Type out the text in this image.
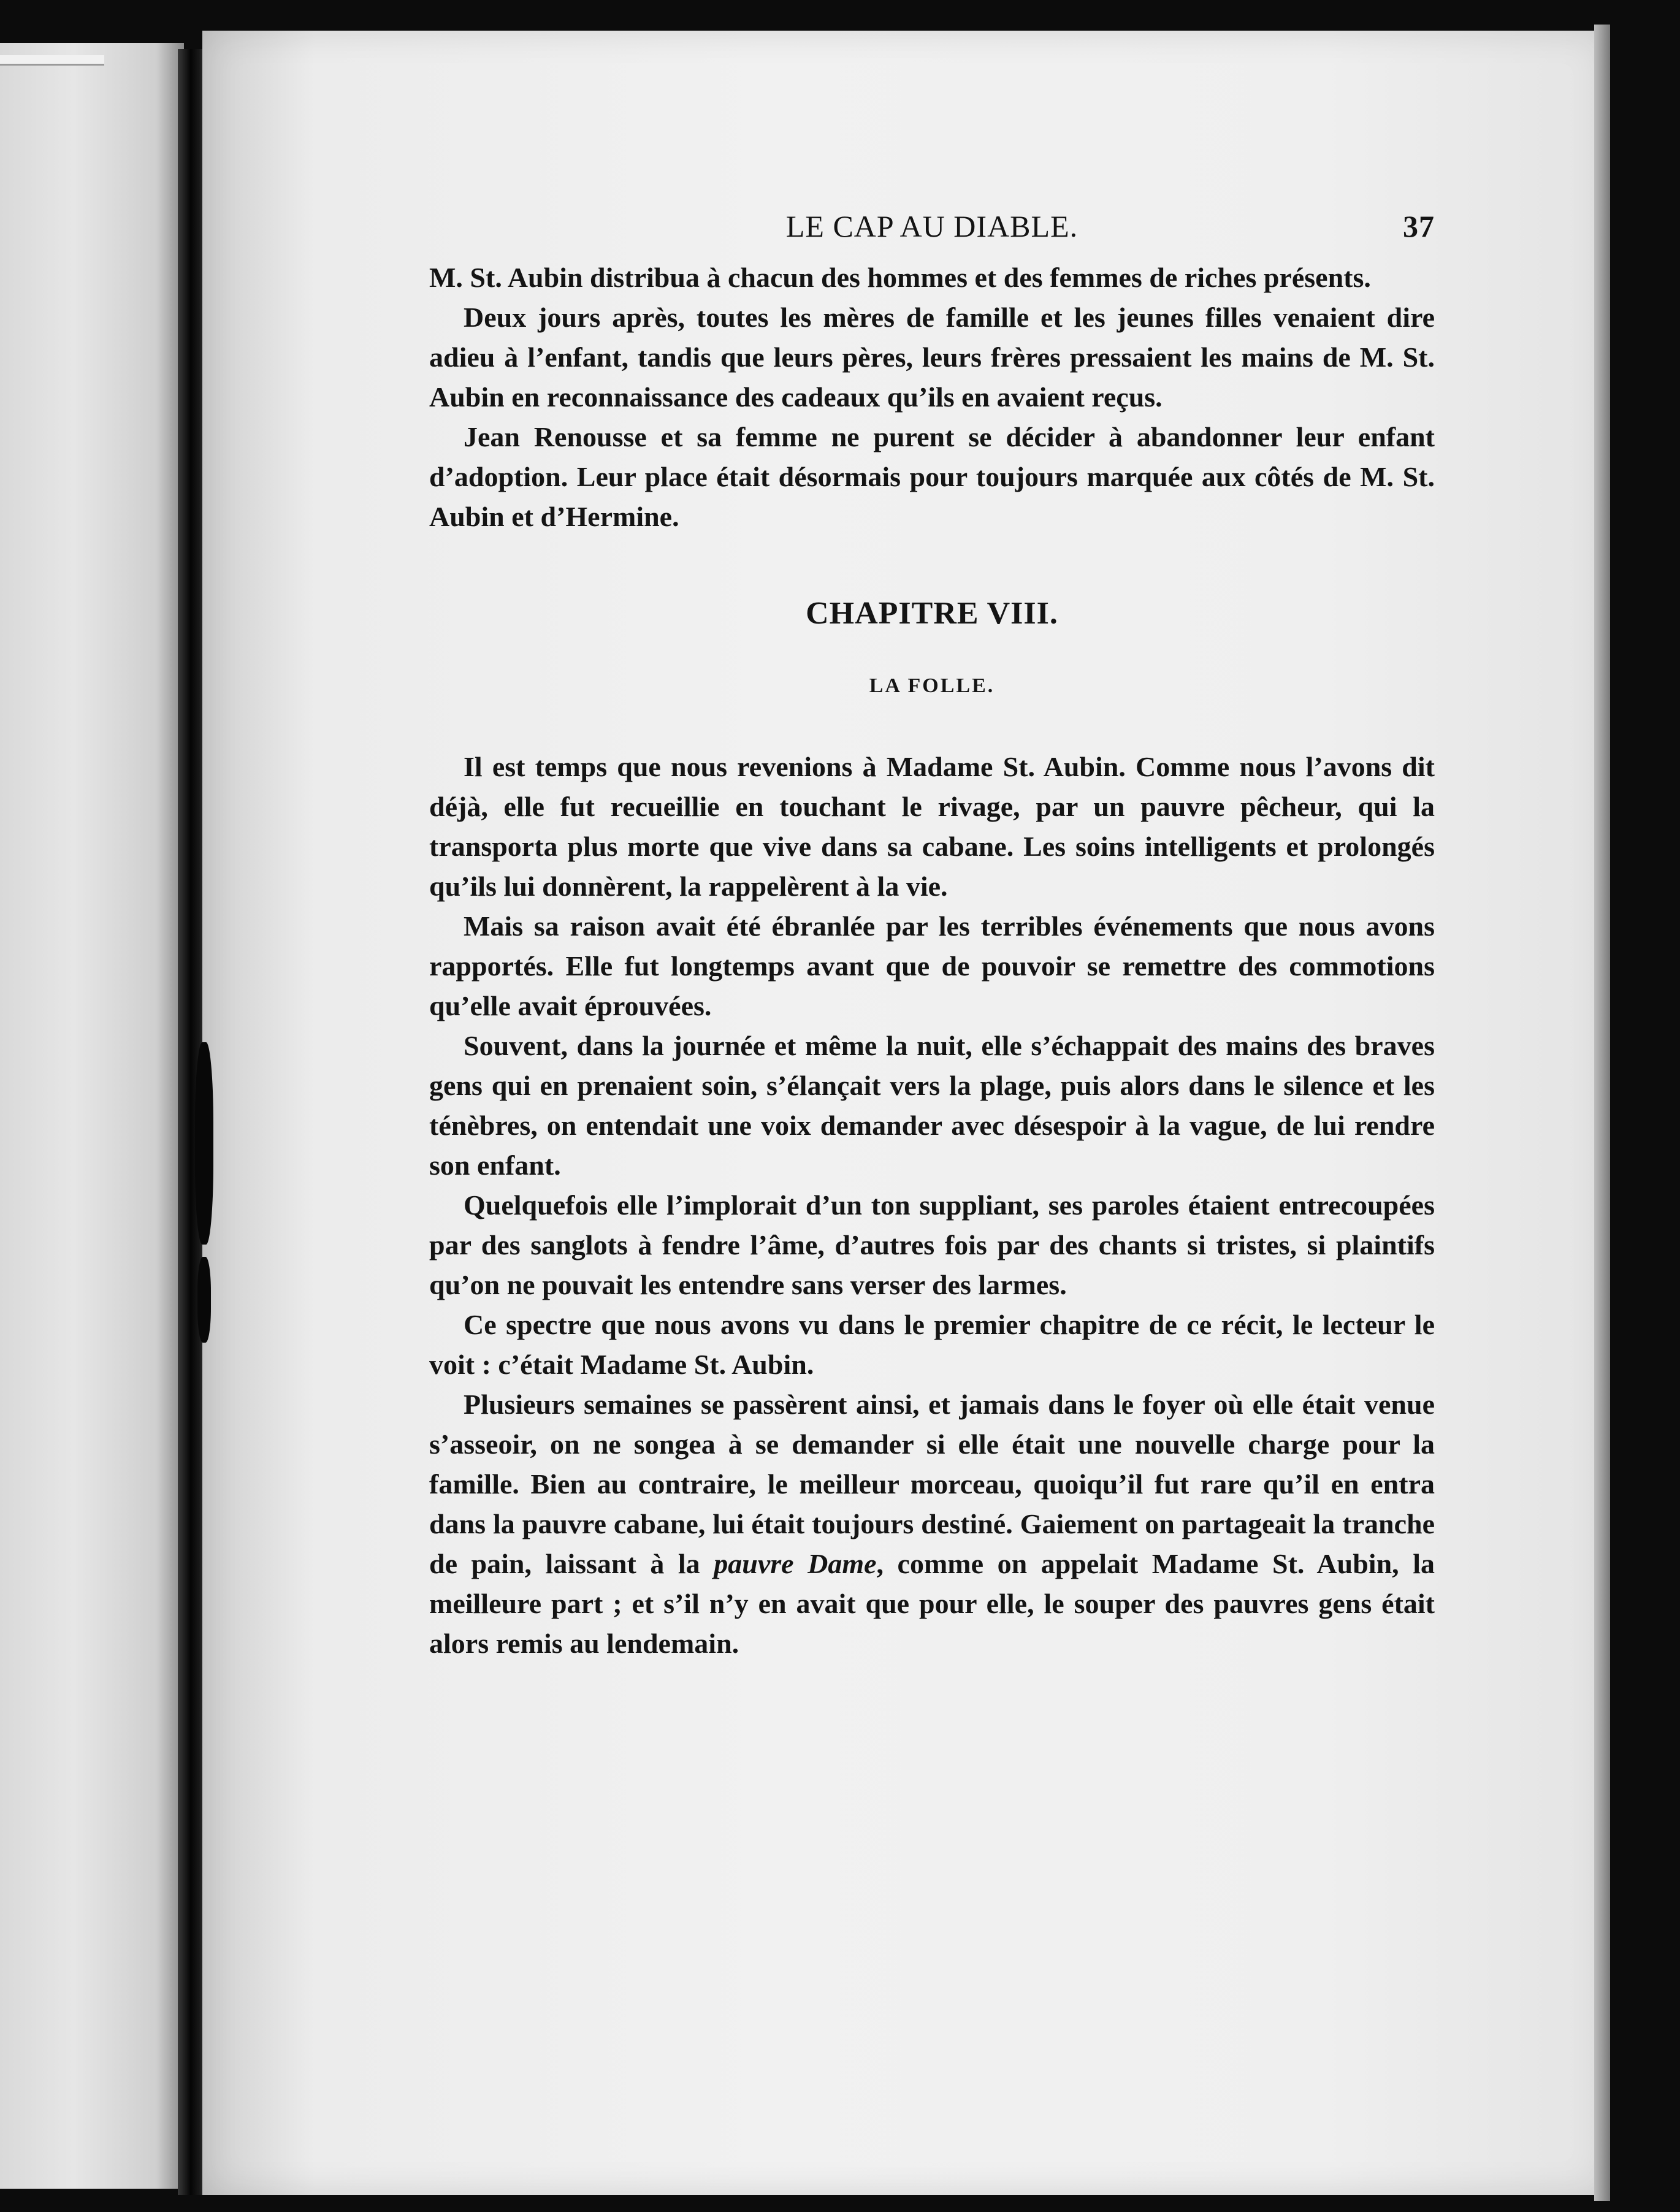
LE CAP AU DIABLE.	37

M. St. Aubin distribua à chacun des hommes et des femmes de riches présents.

Deux jours après, toutes les mères de famille et les jeunes filles venaient dire adieu à l’enfant, tandis que leurs pères, leurs frères pressaient les mains de M. St. Aubin en reconnaissance des cadeaux qu’ils en avaient reçus.

Jean Renousse et sa femme ne purent se décider à abandonner leur enfant d’adoption. Leur place était désormais pour toujours marquée aux côtés de M. St. Aubin et d’Hermine.

CHAPITRE VIII.
LA FOLLE.

Il est temps que nous revenions à Madame St. Aubin. Comme nous l’avons dit déjà, elle fut recueillie en touchant le rivage, par un pauvre pêcheur, qui la transporta plus morte que vive dans sa cabane. Les soins intelligents et prolongés qu’ils lui donnèrent, la rappelèrent à la vie.

Mais sa raison avait été ébranlée par les terribles événements que nous avons rapportés. Elle fut longtemps avant que de pouvoir se remettre des commotions qu’elle avait éprouvées.

Souvent, dans la journée et même la nuit, elle s’échappait des mains des braves gens qui en prenaient soin, s’élançait vers la plage, puis alors dans le silence et les ténèbres, on entendait une voix demander avec désespoir à la vague, de lui rendre son enfant.

Quelquefois elle l’implorait d’un ton suppliant, ses paroles étaient entrecoupées par des sanglots à fendre l’âme, d’autres fois par des chants si tristes, si plaintifs qu’on ne pouvait les entendre sans verser des larmes.

Ce spectre que nous avons vu dans le premier chapitre de ce récit, le lecteur le voit : c’était Madame St. Aubin.

Plusieurs semaines se passèrent ainsi, et jamais dans le foyer où elle était venue s’asseoir, on ne songea à se demander si elle était une nouvelle charge pour la famille. Bien au contraire, le meilleur morceau, quoiqu’il fut rare qu’il en entra dans la pauvre cabane, lui était toujours destiné. Gaiement on partageait la tranche de pain, laissant à la pauvre Dame, comme on appelait Madame St. Aubin, la meilleure part ; et s’il n’y en avait que pour elle, le souper des pauvres gens était alors remis au lendemain.
